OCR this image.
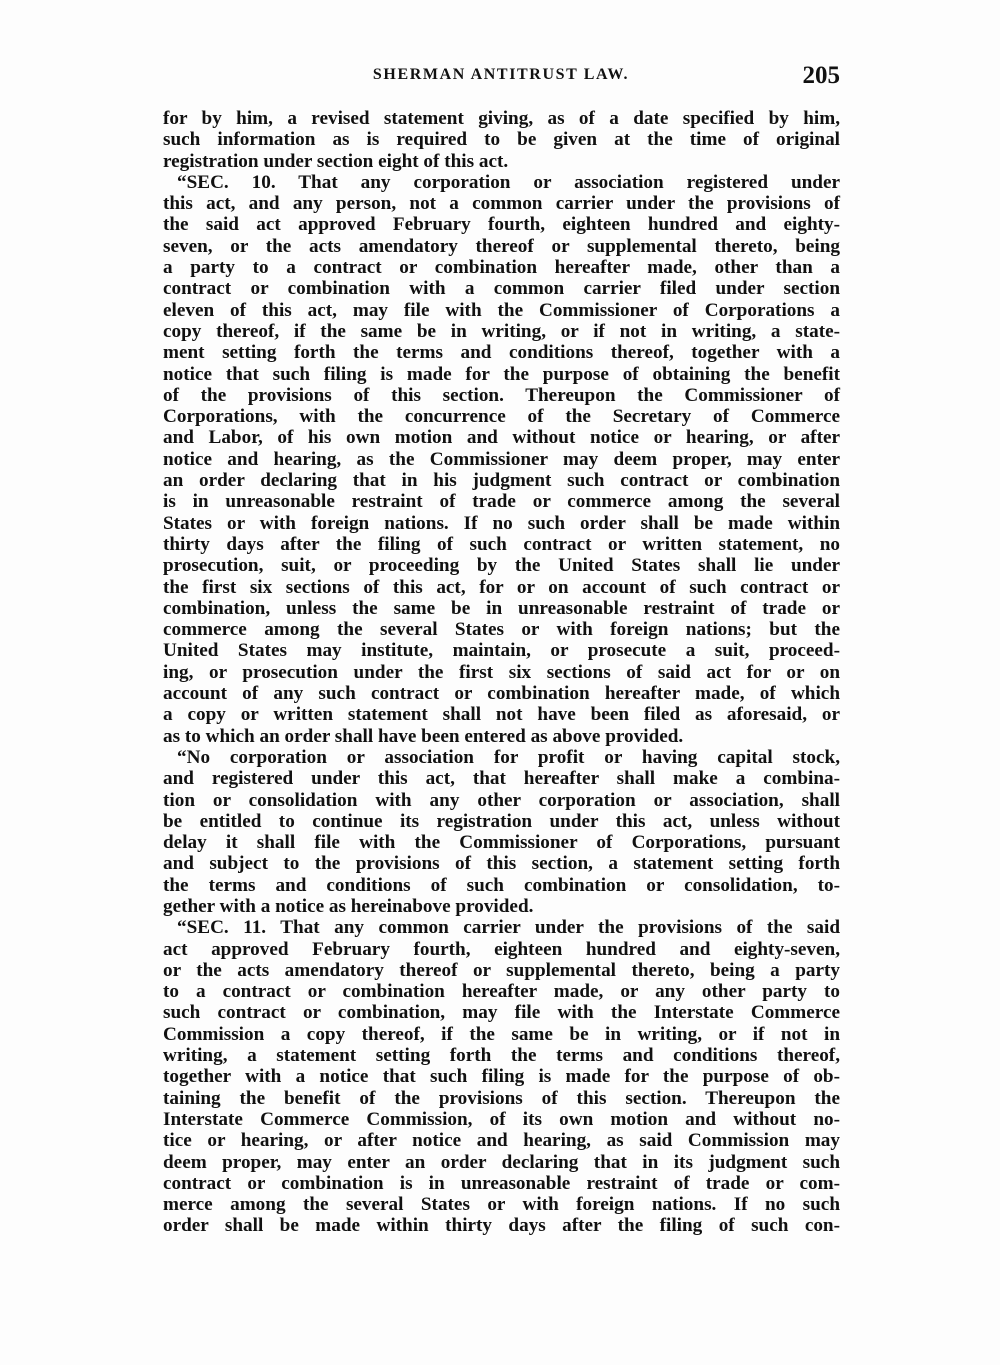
SHERMAN ANTITRUST LAW.	205
for by him, a revised statement giving, as of a date specified by him,
such information as is required to be given at the time of original
registration under section eight of this act.
“SEC. 10. That any corporation or association registered under
this act, and any person, not a common carrier under the provisions of
the said act approved February fourth, eighteen hundred and eighty-
seven, or the acts amendatory thereof or supplemental thereto, being
a party to a contract or combination hereafter made, other than a
contract or combination with a common carrier filed under section
eleven of this act, may file with the Commissioner of Corporations a
copy thereof, if the same be in writing, or if not in writing, a state-
ment setting forth the terms and conditions thereof, together with a
notice that such filing is made for the purpose of obtaining the benefit
of the provisions of this section. Thereupon the Commissioner of
Corporations, with the concurrence of the Secretary of Commerce
and Labor, of his own motion and without notice or hearing, or after
notice and hearing, as the Commissioner may deem proper, may enter
an order declaring that in his judgment such contract or combination
is in unreasonable restraint of trade or commerce among the several
States or with foreign nations. If no such order shall be made within
thirty days after the filing of such contract or written statement, no
prosecution, suit, or proceeding by the United States shall lie under
the first six sections of this act, for or on account of such contract or
combination, unless the same be in unreasonable restraint of trade or
commerce among the several States or with foreign nations; but the
United States may institute, maintain, or prosecute a suit, proceed-
ing, or prosecution under the first six sections of said act for or on
account of any such contract or combination hereafter made, of which
a copy or written statement shall not have been filed as aforesaid, or
as to which an order shall have been entered as above provided.
“No corporation or association for profit or having capital stock,
and registered under this act, that hereafter shall make a combina-
tion or consolidation with any other corporation or association, shall
be entitled to continue its registration under this act, unless without
delay it shall file with the Commissioner of Corporations, pursuant
and subject to the provisions of this section, a statement setting forth
the terms and conditions of such combination or consolidation, to-
gether with a notice as hereinabove provided.
“SEC. 11. That any common carrier under the provisions of the said
act approved February fourth, eighteen hundred and eighty-seven,
or the acts amendatory thereof or supplemental thereto, being a party
to a contract or combination hereafter made, or any other party to
such contract or combination, may file with the Interstate Commerce
Commission a copy thereof, if the same be in writing, or if not in
writing, a statement setting forth the terms and conditions thereof,
together with a notice that such filing is made for the purpose of ob-
taining the benefit of the provisions of this section. Thereupon the
Interstate Commerce Commission, of its own motion and without no-
tice or hearing, or after notice and hearing, as said Commission may
deem proper, may enter an order declaring that in its judgment such
contract or combination is in unreasonable restraint of trade or com-
merce among the several States or with foreign nations. If no such
order shall be made within thirty days after the filing of such con-
